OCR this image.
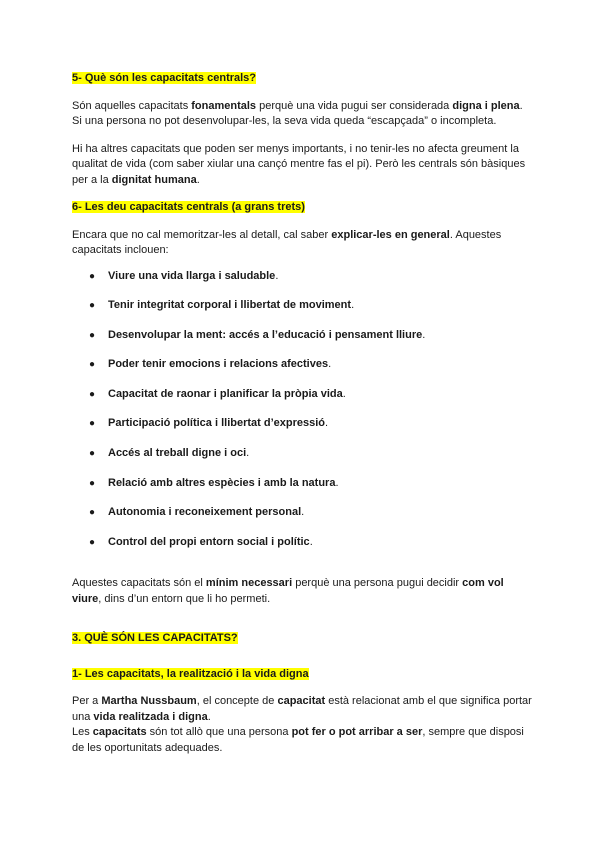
5- Què són les capacitats centrals?

Són aquelles capacitats fonamentals perquè una vida pugui ser considerada digna i plena. Si una persona no pot desenvolupar-les, la seva vida queda “escapçada” o incompleta.

Hi ha altres capacitats que poden ser menys importants, i no tenir-les no afecta greument la qualitat de vida (com saber xiular una cançó mentre fas el pi). Però les centrals són bàsiques per a la dignitat humana.

6- Les deu capacitats centrals (a grans trets)

Encara que no cal memoritzar-les al detall, cal saber explicar-les en general. Aquestes capacitats inclouen:

● Viure una vida llarga i saludable.
● Tenir integritat corporal i llibertat de moviment.
● Desenvolupar la ment: accés a l’educació i pensament lliure.
● Poder tenir emocions i relacions afectives.
● Capacitat de raonar i planificar la pròpia vida.
● Participació política i llibertat d’expressió.
● Accés al treball digne i oci.
● Relació amb altres espècies i amb la natura.
● Autonomia i reconeixement personal.
● Control del propi entorn social i polític.

Aquestes capacitats són el mínim necessari perquè una persona pugui decidir com vol viure, dins d’un entorn que li ho permeti.

3. QUÈ SÓN LES CAPACITATS?

1- Les capacitats, la realització i la vida digna

Per a Martha Nussbaum, el concepte de capacitat està relacionat amb el que significa portar una vida realitzada i digna.

Les capacitats són tot allò que una persona pot fer o pot arribar a ser, sempre que disposi de les oportunitats adequades.
